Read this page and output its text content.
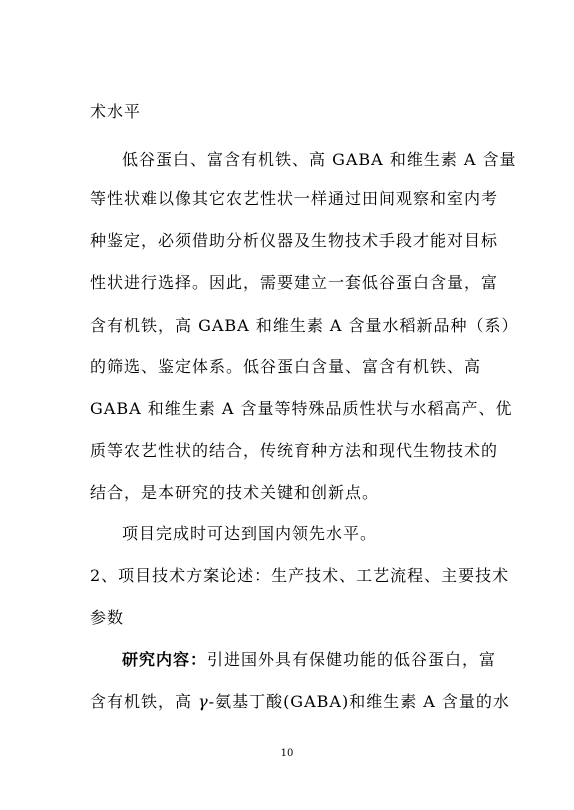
术水平
低谷蛋白、富含有机铁、高 GABA 和维生素 A 含量
等性状难以像其它农艺性状一样通过田间观察和室内考
种鉴定，必须借助分析仪器及生物技术手段才能对目标
性状进行选择。因此，需要建立一套低谷蛋白含量，富
含有机铁，高 GABA 和维生素 A 含量水稻新品种（系）
的筛选、鉴定体系。低谷蛋白含量、富含有机铁、高
GABA 和维生素 A 含量等特殊品质性状与水稻高产、优
质等农艺性状的结合，传统育种方法和现代生物技术的
结合，是本研究的技术关键和创新点。
项目完成时可达到国内领先水平。
2、项目技术方案论述：生产技术、工艺流程、主要技术
参数
研究内容：引进国外具有保健功能的低谷蛋白，富
含有机铁，高 γ-氨基丁酸(GABA)和维生素 A 含量的水
10
